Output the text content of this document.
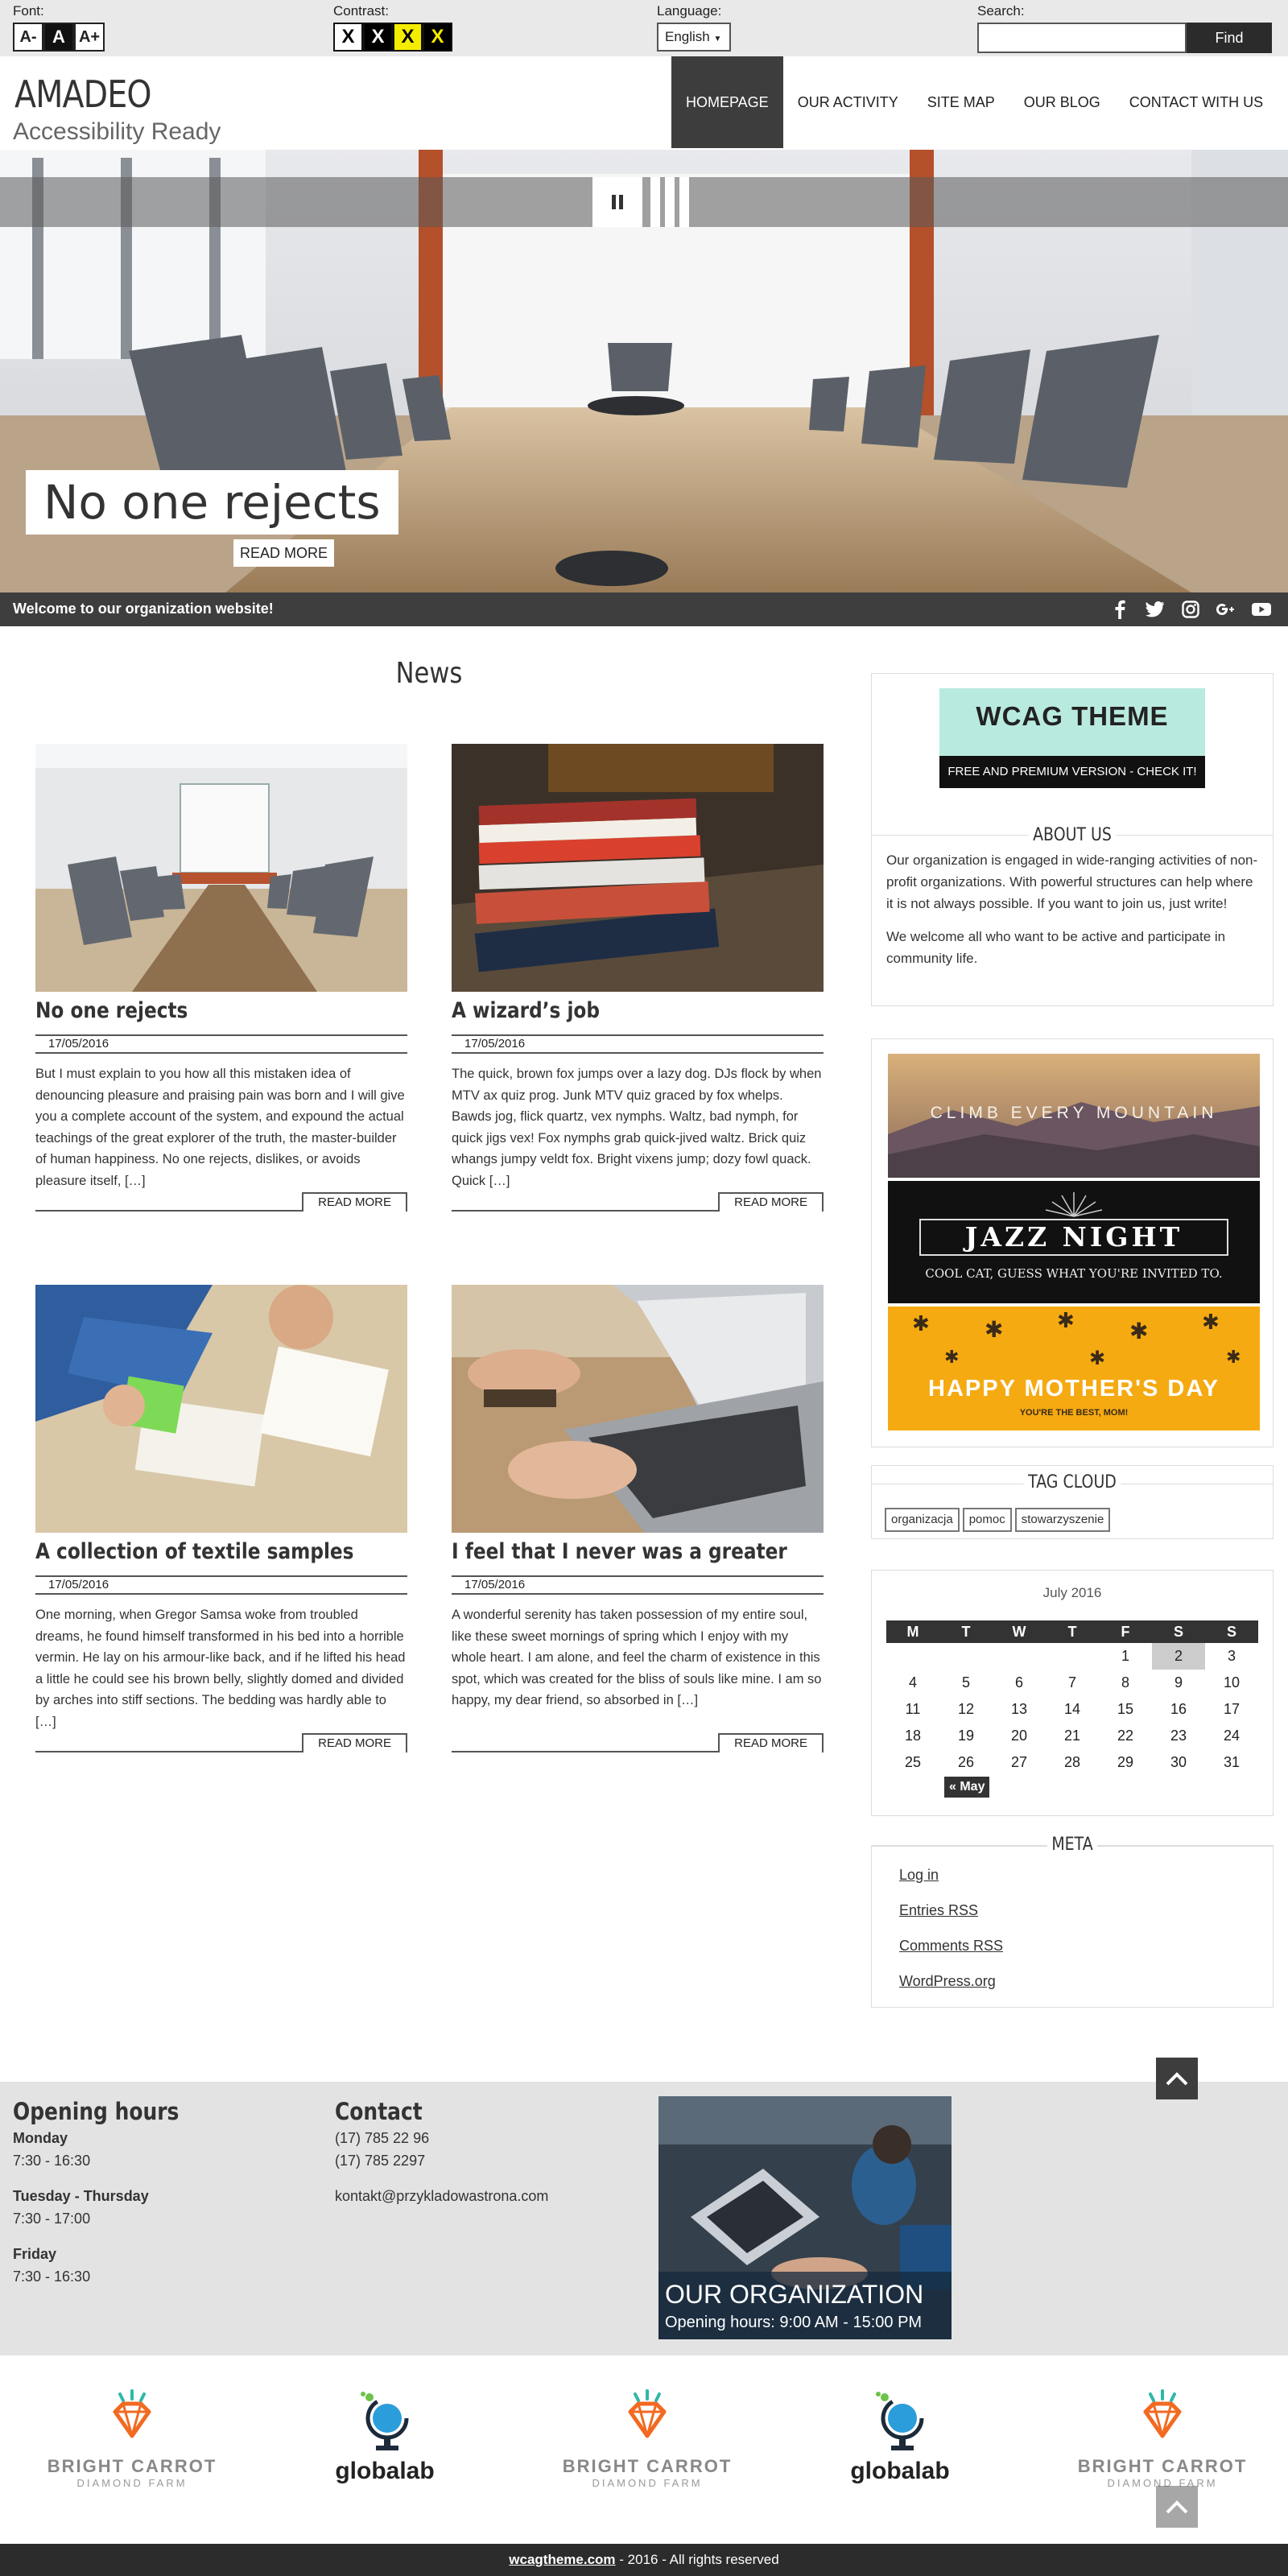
Font:
A- A A+
Contrast:
X X X X
Language:
English ▼
Search:
Find
AMADEO
Accessibility Ready
HOMEPAGE	OUR ACTIVITY	SITE MAP	OUR BLOG	CONTACT WITH US
No one rejects
READ MORE
Welcome to our organization website!
News
No one rejects
17/05/2016
But I must explain to you how all this mistaken idea of denouncing pleasure and praising pain was born and I will give you a complete account of the system, and expound the actual teachings of the great explorer of the truth, the master-builder of human happiness. No one rejects, dislikes, or avoids pleasure itself, […]
READ MORE
A wizard’s job
17/05/2016
The quick, brown fox jumps over a lazy dog. DJs flock by when MTV ax quiz prog. Junk MTV quiz graced by fox whelps. Bawds jog, flick quartz, vex nymphs. Waltz, bad nymph, for quick jigs vex! Fox nymphs grab quick-jived waltz. Brick quiz whangs jumpy veldt fox. Bright vixens jump; dozy fowl quack. Quick […]
READ MORE
A collection of textile samples
17/05/2016
One morning, when Gregor Samsa woke from troubled dreams, he found himself transformed in his bed into a horrible vermin. He lay on his armour-like back, and if he lifted his head a little he could see his brown belly, slightly domed and divided by arches into stiff sections. The bedding was hardly able to […]
READ MORE
I feel that I never was a greater
17/05/2016
A wonderful serenity has taken possession of my entire soul, like these sweet mornings of spring which I enjoy with my whole heart. I am alone, and feel the charm of existence in this spot, which was created for the bliss of souls like mine. I am so happy, my dear friend, so absorbed in […]
READ MORE
WCAG THEME
FREE AND PREMIUM VERSION - CHECK IT!
ABOUT US

Our organization is engaged in wide-ranging activities of non-profit organizations. With powerful structures can help where it is not always possible. If you want to join us, just write!

We welcome all who want to be active and participate in community life.

CLIMB EVERY MOUNTAIN
JAZZ NIGHT
COOL CAT, GUESS WHAT YOU'RE INVITED TO.
✱ ✱	✱ ✱	✱
✱	✱	✱
HAPPY MOTHER'S DAY
YOU'RE THE BEST, MOM!
TAG CLOUD
organizacja	pomoc	stowarzyszenie
July 2016
M	T	W	T	F	S	S
				1	2	3
4	5	6	7	8	9	10
11	12	13	14	15	16	17
18	19	20	21	22	23	24
25	26	27	28	29	30	31
« May
META
Log in
Entries RSS
Comments RSS
WordPress.org
Opening hours
Monday
7:30 - 16:30
Tuesday - Thursday
7:30 - 17:00
Friday
7:30 - 16:30
Contact
(17) 785 22 96
(17) 785 2297
kontakt@przykladowastrona.com
OUR ORGANIZATION
Opening hours: 9:00 AM - 15:00 PM
BRIGHT CARROT
DIAMOND FARM	globalab	BRIGHT CARROT
DIAMOND FARM	globalab	BRIGHT CARROT
DIAMOND FARM
wcagtheme.com - 2016 - All rights reserved
